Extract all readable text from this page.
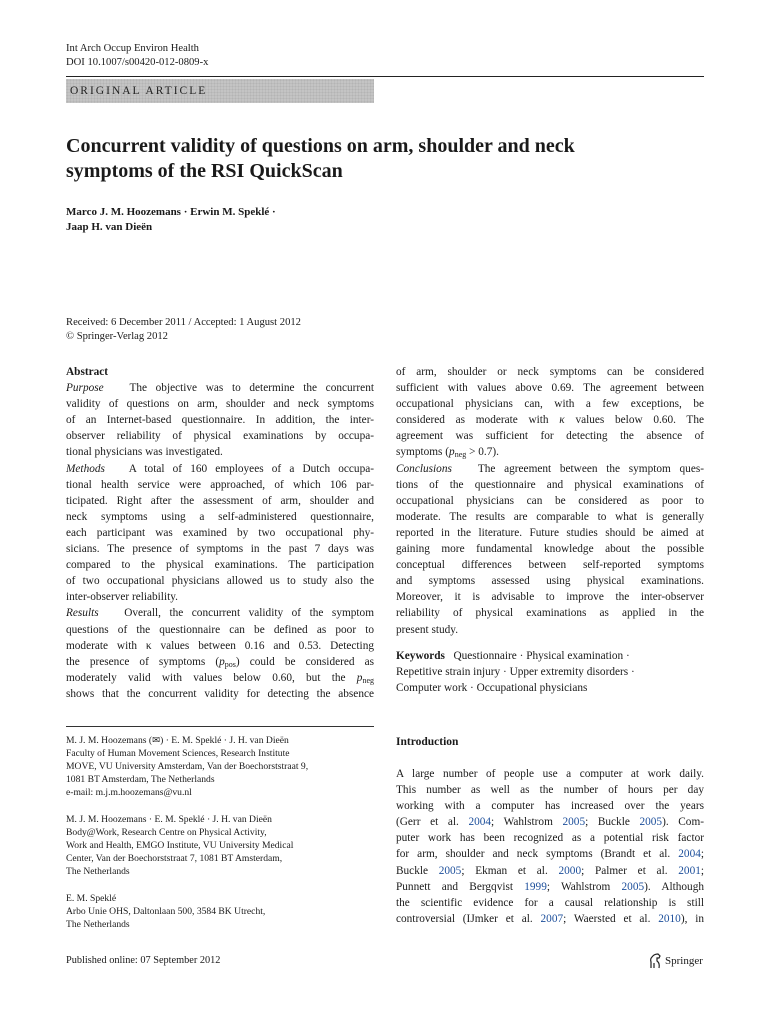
Int Arch Occup Environ Health
DOI 10.1007/s00420-012-0809-x
ORIGINAL ARTICLE
Concurrent validity of questions on arm, shoulder and neck
symptoms of the RSI QuickScan
Marco J. M. Hoozemans · Erwin M. Speklé ·
Jaap H. van Dieën
Received: 6 December 2011 / Accepted: 1 August 2012
© Springer-Verlag 2012
Abstract
Purpose The objective was to determine the concurrent
validity of questions on arm, shoulder and neck symptoms
of an Internet-based questionnaire. In addition, the inter-
observer reliability of physical examinations by occupa-
tional physicians was investigated.
Methods A total of 160 employees of a Dutch occupa-
tional health service were approached, of which 106 par-
ticipated. Right after the assessment of arm, shoulder and
neck symptoms using a self-administered questionnaire,
each participant was examined by two occupational phy-
sicians. The presence of symptoms in the past 7 days was
compared to the physical examinations. The participation
of two occupational physicians allowed us to study also the
inter-observer reliability.
Results Overall, the concurrent validity of the symptom
questions of the questionnaire can be defined as poor to
moderate with κ values between 0.16 and 0.53. Detecting
the presence of symptoms $(p_{pos})$ could be considered as
moderately valid with values below 0.60, but the $p_{neg}$
shows that the concurrent validity for detecting the absence
of arm, shoulder or neck symptoms can be considered
sufficient with values above 0.69. The agreement between
occupational physicians can, with a few exceptions, be
considered as moderate with κ values below 0.60. The
agreement was sufficient for detecting the absence of
symptoms $(p_{neg} > 0.7)$.
Conclusions The agreement between the symptom ques-
tions of the questionnaire and physical examinations of
occupational physicians can be considered as poor to
moderate. The results are comparable to what is generally
reported in the literature. Future studies should be aimed at
gaining more fundamental knowledge about the possible
conceptual differences between self-reported symptoms
and symptoms assessed using physical examinations.
Moreover, it is advisable to improve the inter-observer
reliability of physical examinations as applied in the
present study.
Keywords Questionnaire · Physical examination ·
Repetitive strain injury · Upper extremity disorders ·
Computer work · Occupational physicians
M. J. M. Hoozemans (✉) · E. M. Speklé · J. H. van Dieën
Faculty of Human Movement Sciences, Research Institute
MOVE, VU University Amsterdam, Van der Boechorststraat 9,
1081 BT Amsterdam, The Netherlands
e-mail: m.j.m.hoozemans@vu.nl
M. J. M. Hoozemans · E. M. Speklé · J. H. van Dieën
Body@Work, Research Centre on Physical Activity,
Work and Health, EMGO Institute, VU University Medical
Center, Van der Boechorststraat 7, 1081 BT Amsterdam,
The Netherlands
E. M. Speklé
Arbo Unie OHS, Daltonlaan 500, 3584 BK Utrecht,
The Netherlands
Introduction
A large number of people use a computer at work daily.
This number as well as the number of hours per day
working with a computer has increased over the years
(Gerr et al. 2004; Wahlstrom 2005; Buckle 2005). Com-
puter work has been recognized as a potential risk factor
for arm, shoulder and neck symptoms (Brandt et al. 2004;
Buckle 2005; Ekman et al. 2000; Palmer et al. 2001;
Punnett and Bergqvist 1999; Wahlstrom 2005). Although
the scientific evidence for a causal relationship is still
controversial (IJmker et al. 2007; Waersted et al. 2010), in
Published online: 07 September 2012	Springer
